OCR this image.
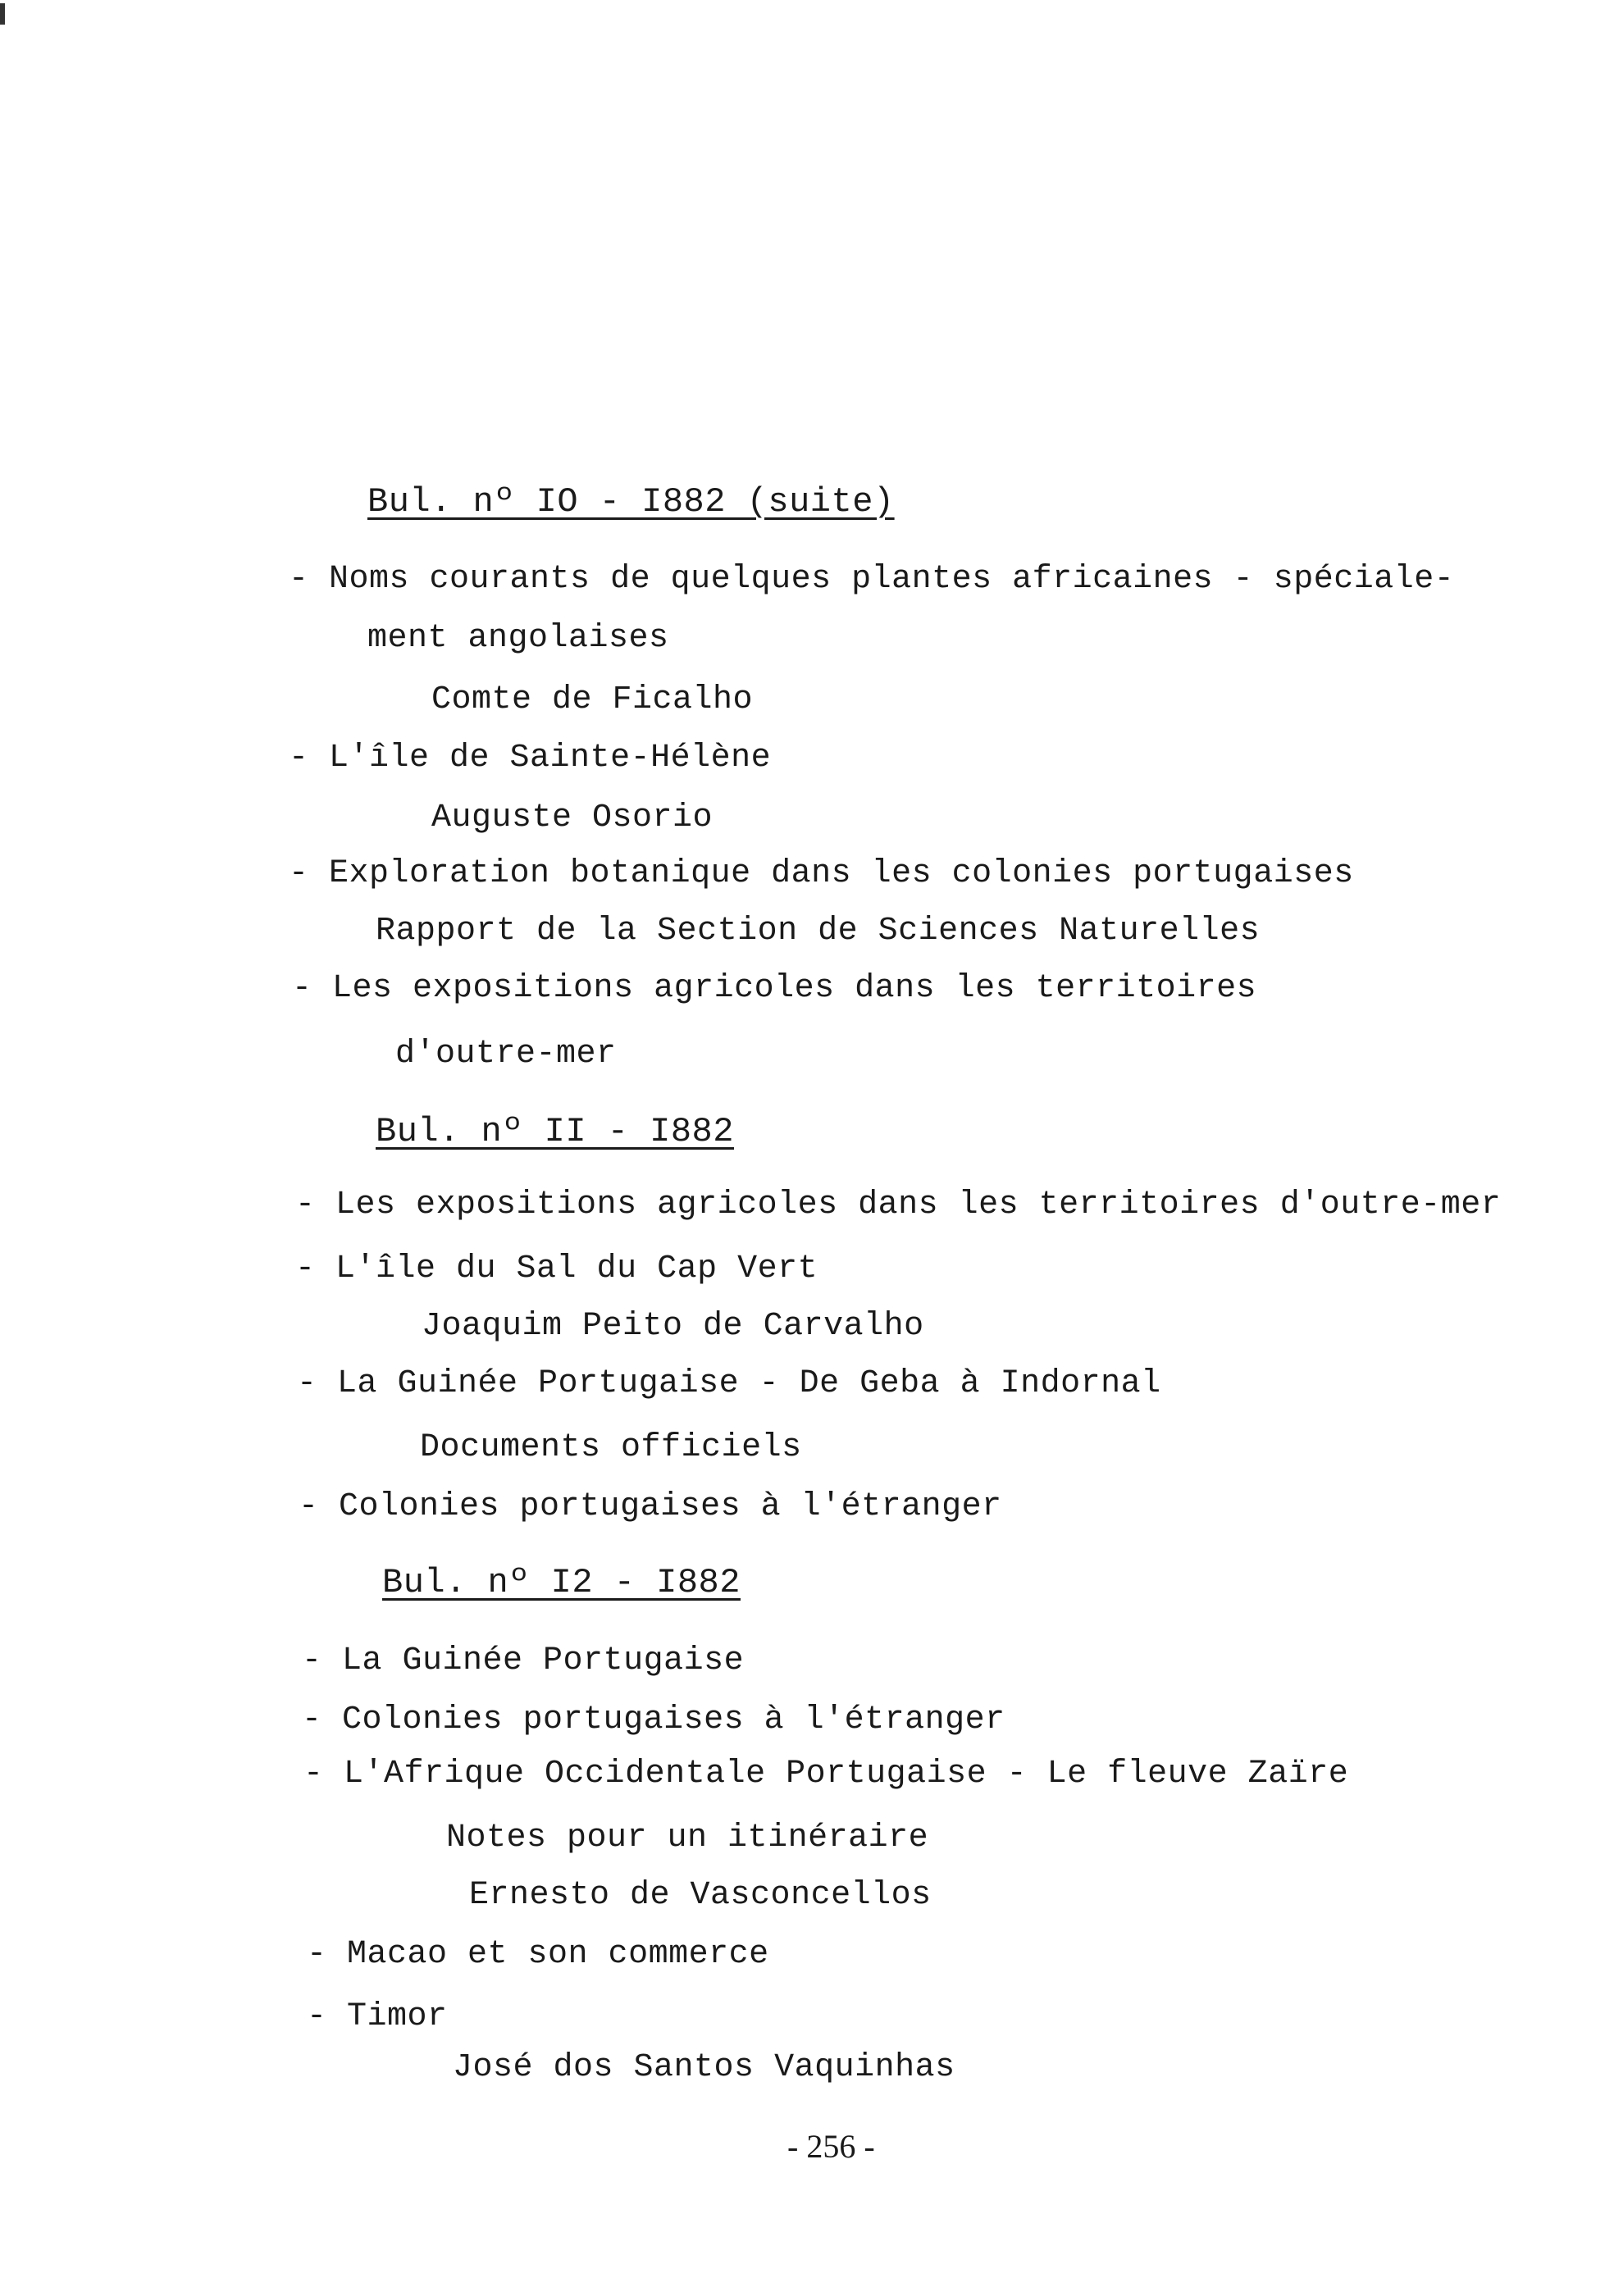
Bul. nº IO - I882 (suite)
- Noms courants de quelques plantes africaines - spéciale-
ment angolaises
Comte de Ficalho
- L'île de Sainte-Hélène
Auguste Osorio
- Exploration botanique dans les colonies portugaises
Rapport de la Section de Sciences Naturelles
- Les expositions agricoles dans les territoires
d'outre-mer
Bul. nº II - I882
- Les expositions agricoles dans les territoires d'outre-mer
- L'île du Sal du Cap Vert
Joaquim Peito de Carvalho
- La Guinée Portugaise - De Geba à Indornal
Documents officiels
- Colonies portugaises à l'étranger
Bul. nº I2 - I882
- La Guinée Portugaise
- Colonies portugaises à l'étranger
- L'Afrique Occidentale Portugaise - Le fleuve Zaïre
Notes pour un itinéraire
Ernesto de Vasconcellos
- Macao et son commerce
- Timor
José dos Santos Vaquinhas
- 256 -
